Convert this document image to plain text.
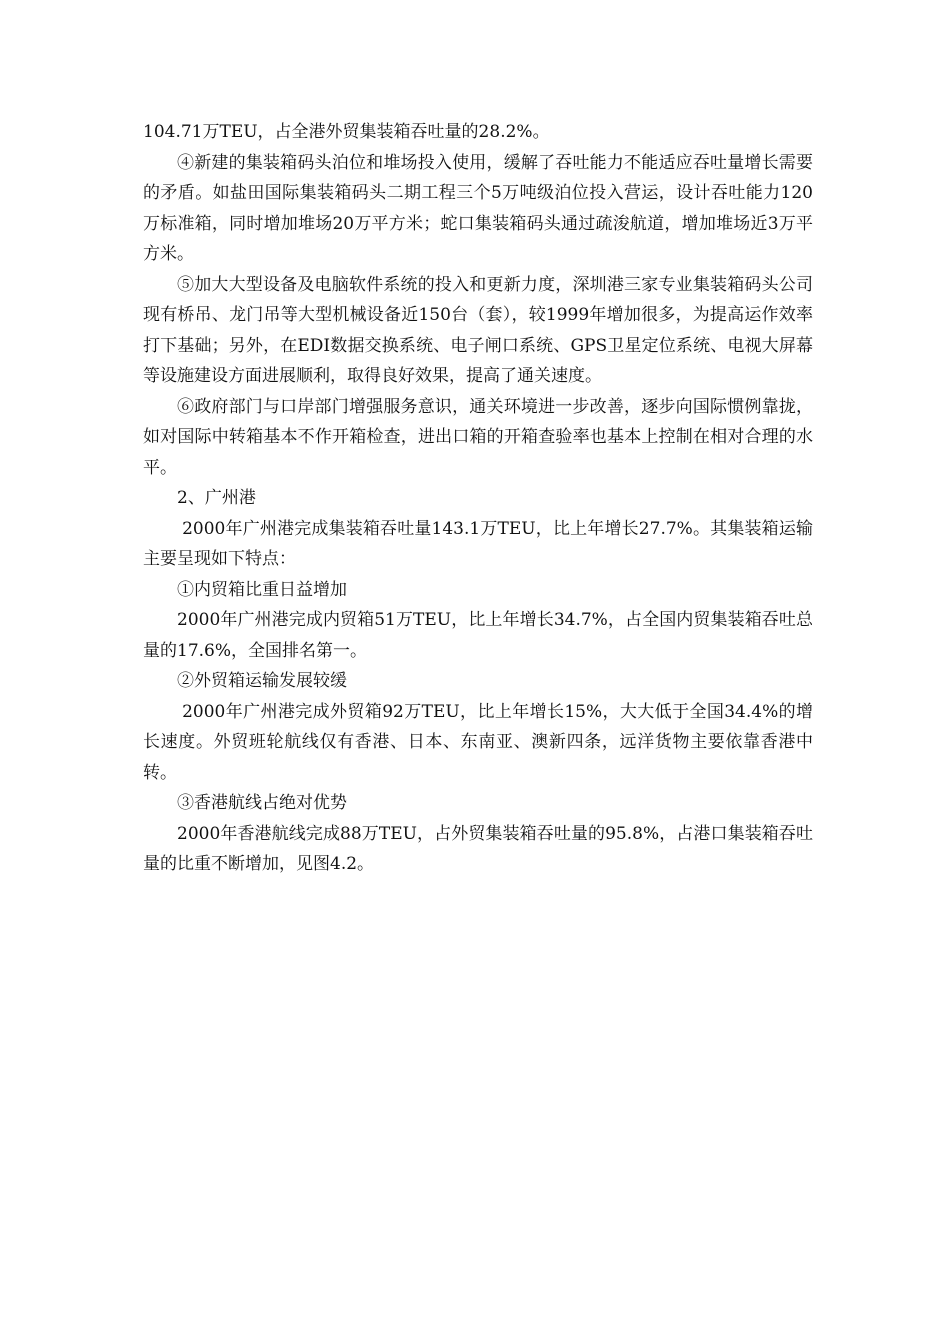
104.71万TEU，占全港外贸集装箱吞吐量的28.2%。

④新建的集装箱码头泊位和堆场投入使用，缓解了吞吐能力不能适应吞吐量增长需要的矛盾。如盐田国际集装箱码头二期工程三个5万吨级泊位投入营运，设计吞吐能力120万标准箱，同时增加堆场20万平方米；蛇口集装箱码头通过疏浚航道，增加堆场近3万平方米。

⑤加大大型设备及电脑软件系统的投入和更新力度，深圳港三家专业集装箱码头公司现有桥吊、龙门吊等大型机械设备近150台（套），较1999年增加很多，为提高运作效率打下基础；另外，在EDI数据交换系统、电子闸口系统、GPS卫星定位系统、电视大屏幕等设施建设方面进展顺利，取得良好效果，提高了通关速度。

⑥政府部门与口岸部门增强服务意识，通关环境进一步改善，逐步向国际惯例靠拢，如对国际中转箱基本不作开箱检查，进出口箱的开箱查验率也基本上控制在相对合理的水平。

2、广州港

2000年广州港完成集装箱吞吐量143.1万TEU，比上年增长27.7%。其集装箱运输主要呈现如下特点：

①内贸箱比重日益增加

2000年广州港完成内贸箱51万TEU，比上年增长34.7%，占全国内贸集装箱吞吐总量的17.6%，全国排名第一。

②外贸箱运输发展较缓

2000年广州港完成外贸箱92万TEU，比上年增长15%，大大低于全国34.4%的增长速度。外贸班轮航线仅有香港、日本、东南亚、澳新四条，远洋货物主要依靠香港中转。

③香港航线占绝对优势

2000年香港航线完成88万TEU，占外贸集装箱吞吐量的95.8%，占港口集装箱吞吐量的比重不断增加，见图4.2。
